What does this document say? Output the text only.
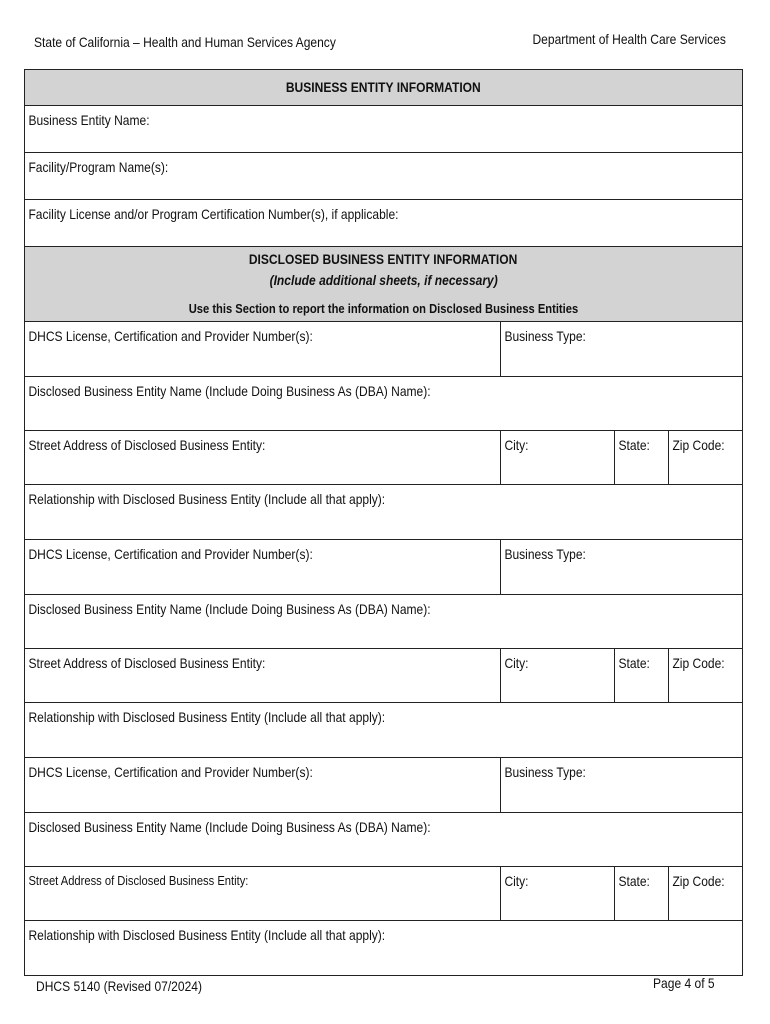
State of California – Health and Human Services Agency	Department of Health Care Services
BUSINESS ENTITY INFORMATION			
Business Entity Name:			
Facility/Program Name(s):			
Facility License and/or Program Certification Number(s), if applicable:			

DISCLOSED BUSINESS ENTITY INFORMATION
(Include additional sheets, if necessary)
Use this Section to report the information on Disclosed Business Entities			

DHCS License, Certification and Provider Number(s):	Business Type:		
Disclosed Business Entity Name (Include Doing Business As (DBA) Name):			
Street Address of Disclosed Business Entity:	City:	State:	Zip Code:
Relationship with Disclosed Business Entity (Include all that apply):			
DHCS License, Certification and Provider Number(s):	Business Type:		
Disclosed Business Entity Name (Include Doing Business As (DBA) Name):			
Street Address of Disclosed Business Entity:	City:	State:	Zip Code:
Relationship with Disclosed Business Entity (Include all that apply):			
DHCS License, Certification and Provider Number(s):	Business Type:		
Disclosed Business Entity Name (Include Doing Business As (DBA) Name):			
Street Address of Disclosed Business Entity:	City:	State:	Zip Code:
Relationship with Disclosed Business Entity (Include all that apply):			
DHCS 5140 (Revised 07/2024)	Page 4 of 5
